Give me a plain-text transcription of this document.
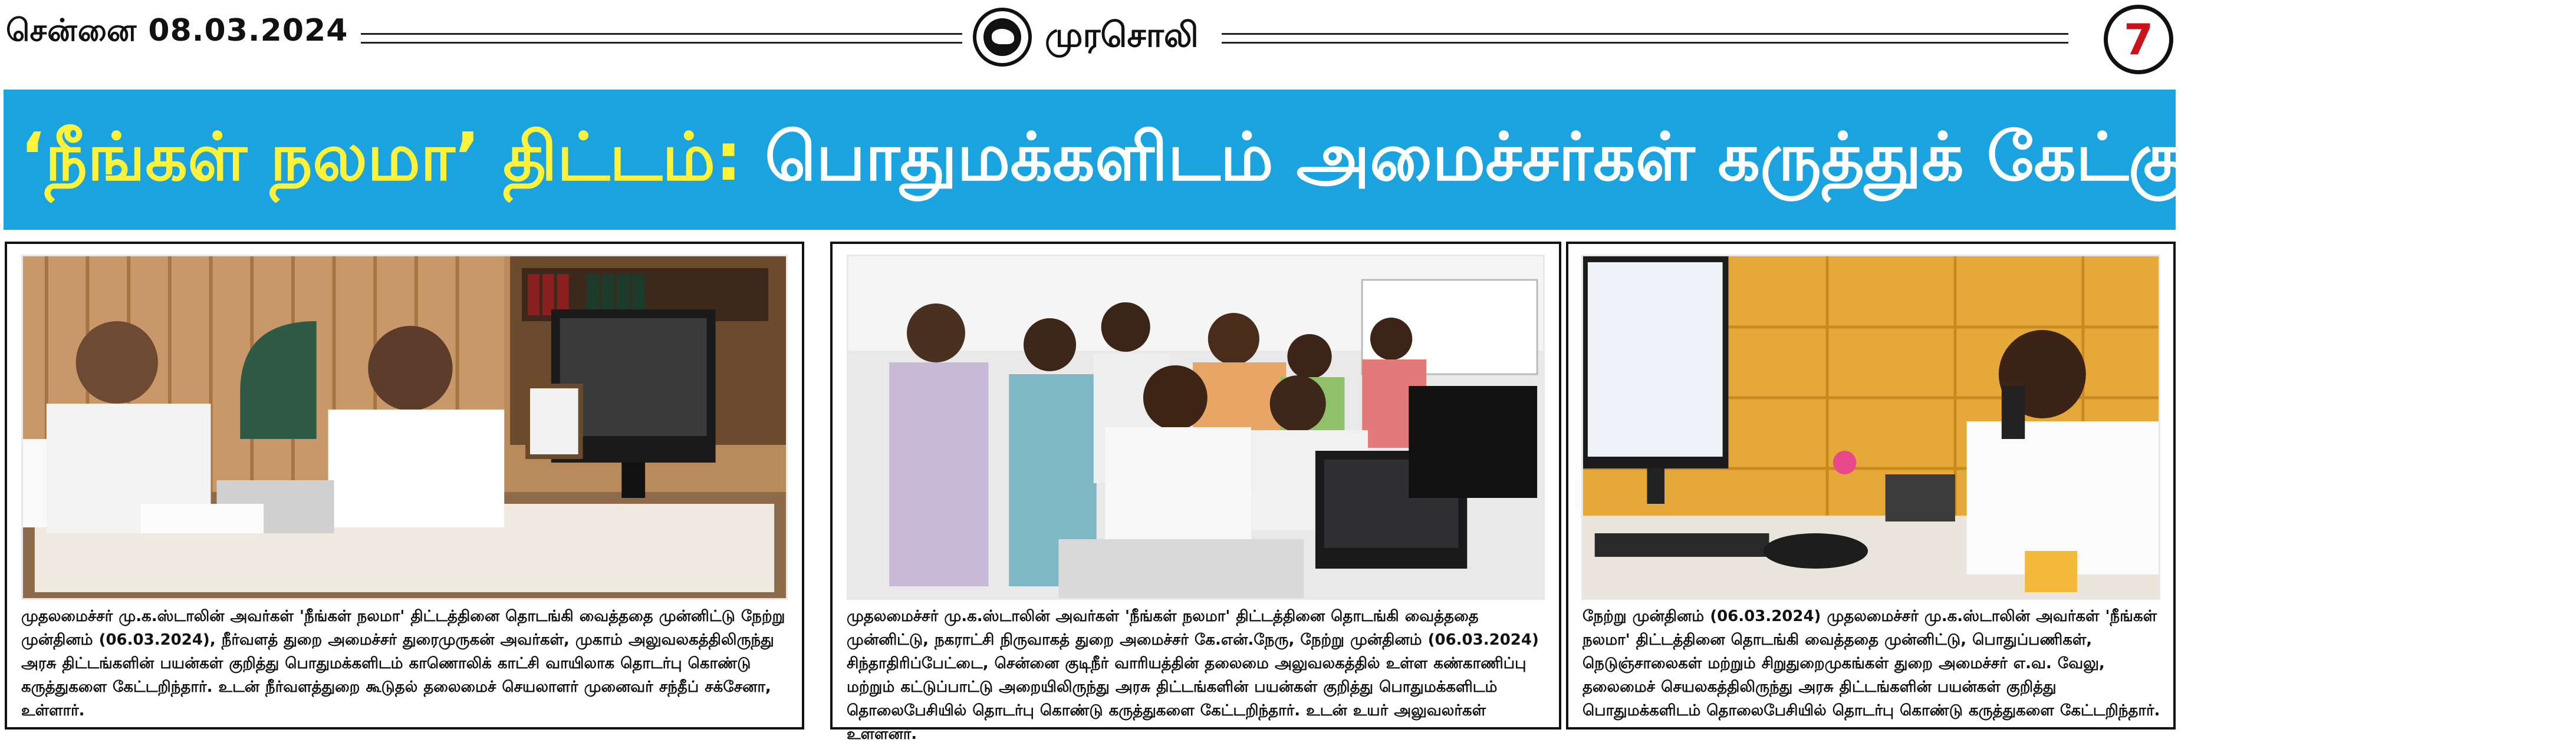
சென்னை 08.03.2024	முரசொலி	7
‘நீங்கள் நலமா’ திட்டம்: பொதுமக்களிடம் அமைச்சர்கள் கருத்துக் கேட்கும் காட்சிகள்!
முதலமைச்சர் மு.க.ஸ்டாலின் அவர்கள் 'நீங்கள் நலமா' திட்டத்தினை தொடங்கி வைத்ததை முன்னிட்டு நேற்று முன்தினம் (06.03.2024), நீர்வளத் துறை அமைச்சர் துரைமுருகன் அவர்கள், முகாம் அலுவலகத்திலிருந்து அரசு திட்டங்களின் பயன்கள் குறித்து பொதுமக்களிடம் காணொலிக் காட்சி வாயிலாக தொடர்பு கொண்டு கருத்துகளை கேட்டறிந்தார். உடன் நீர்வளத்துறை கூடுதல் தலைமைச் செயலாளர் முனைவர் சந்தீப் சக்சேனா, உள்ளார்.
முதலமைச்சர் மு.க.ஸ்டாலின் அவர்கள் 'நீங்கள் நலமா' திட்டத்தினை தொடங்கி வைத்ததை முன்னிட்டு, நகராட்சி நிருவாகத் துறை அமைச்சர் கே.என்.நேரு, நேற்று முன்தினம் (06.03.2024) சிந்தாதிரிப்பேட்டை, சென்னை குடிநீர் வாரியத்தின் தலைமை அலுவலகத்தில் உள்ள கண்காணிப்பு மற்றும் கட்டுப்பாட்டு அறையிலிருந்து அரசு திட்டங்களின் பயன்கள் குறித்து பொதுமக்களிடம் தொலைபேசியில் தொடர்பு கொண்டு கருத்துகளை கேட்டறிந்தார். உடன் உயர் அலுவலர்கள் உள்ளனர்.
நேற்று முன்தினம் (06.03.2024) முதலமைச்சர் மு.க.ஸ்டாலின் அவர்கள் 'நீங்கள் நலமா' திட்டத்தினை தொடங்கி வைத்ததை முன்னிட்டு, பொதுப்பணிகள், நெடுஞ்சாலைகள் மற்றும் சிறுதுறைமுகங்கள் துறை அமைச்சர் எ.வ. வேலு, தலைமைச் செயலகத்திலிருந்து அரசு திட்டங்களின் பயன்கள் குறித்து பொதுமக்களிடம் தொலைபேசியில் தொடர்பு கொண்டு கருத்துகளை கேட்டறிந்தார்.
